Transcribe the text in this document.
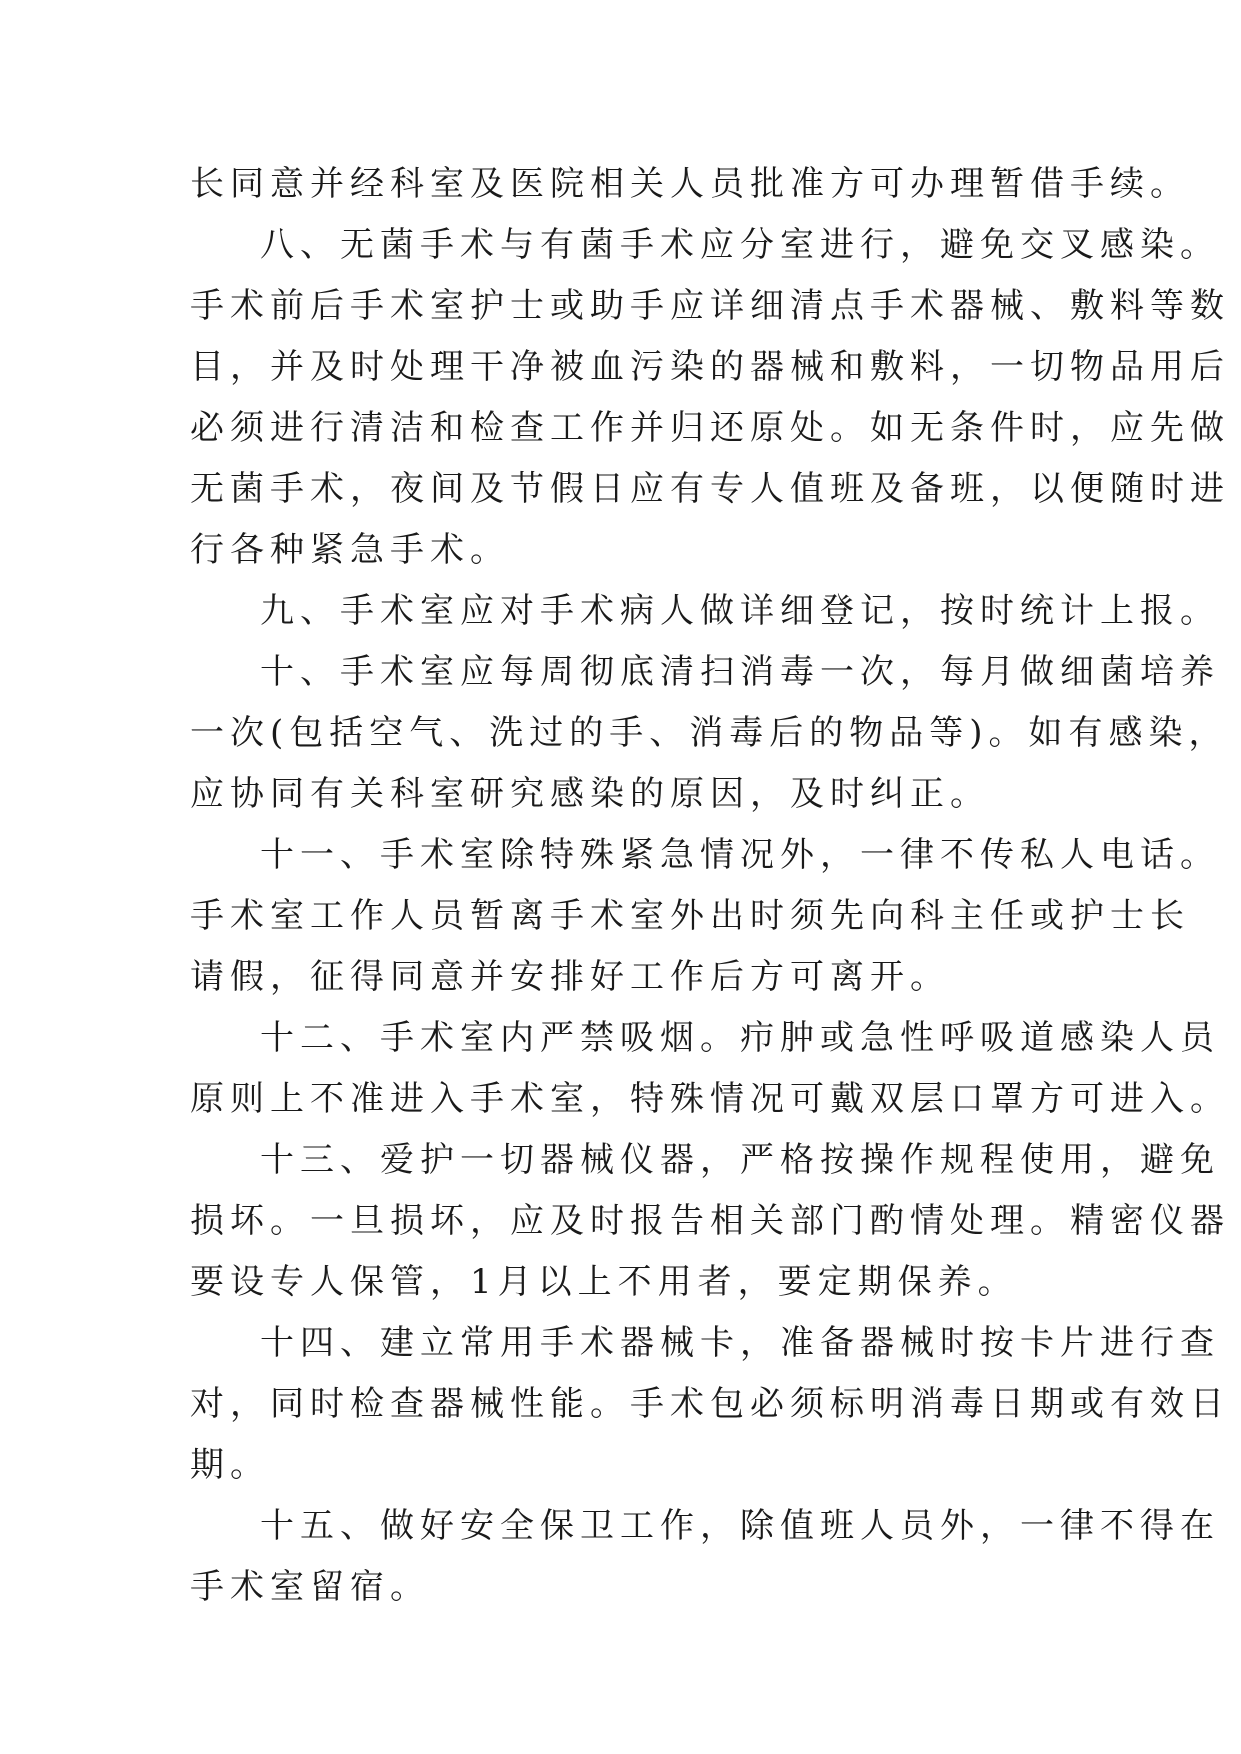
长同意并经科室及医院相关人员批准方可办理暂借手续。
八、无菌手术与有菌手术应分室进行，避免交叉感染。
手术前后手术室护士或助手应详细清点手术器械、敷料等数
目，并及时处理干净被血污染的器械和敷料，一切物品用后
必须进行清洁和检查工作并归还原处。如无条件时，应先做
无菌手术，夜间及节假日应有专人值班及备班，以便随时进
行各种紧急手术。
九、手术室应对手术病人做详细登记，按时统计上报。
十、手术室应每周彻底清扫消毒一次，每月做细菌培养
一次(包括空气、洗过的手、消毒后的物品等)。如有感染，
应协同有关科室研究感染的原因，及时纠正。
十一、手术室除特殊紧急情况外，一律不传私人电话。
手术室工作人员暂离手术室外出时须先向科主任或护士长
请假，征得同意并安排好工作后方可离开。
十二、手术室内严禁吸烟。疖肿或急性呼吸道感染人员
原则上不准进入手术室，特殊情况可戴双层口罩方可进入。
十三、爱护一切器械仪器，严格按操作规程使用，避免
损坏。一旦损坏，应及时报告相关部门酌情处理。精密仪器
要设专人保管，1月以上不用者，要定期保养。
十四、建立常用手术器械卡，准备器械时按卡片进行查
对，同时检查器械性能。手术包必须标明消毒日期或有效日
期。
十五、做好安全保卫工作，除值班人员外，一律不得在
手术室留宿。
